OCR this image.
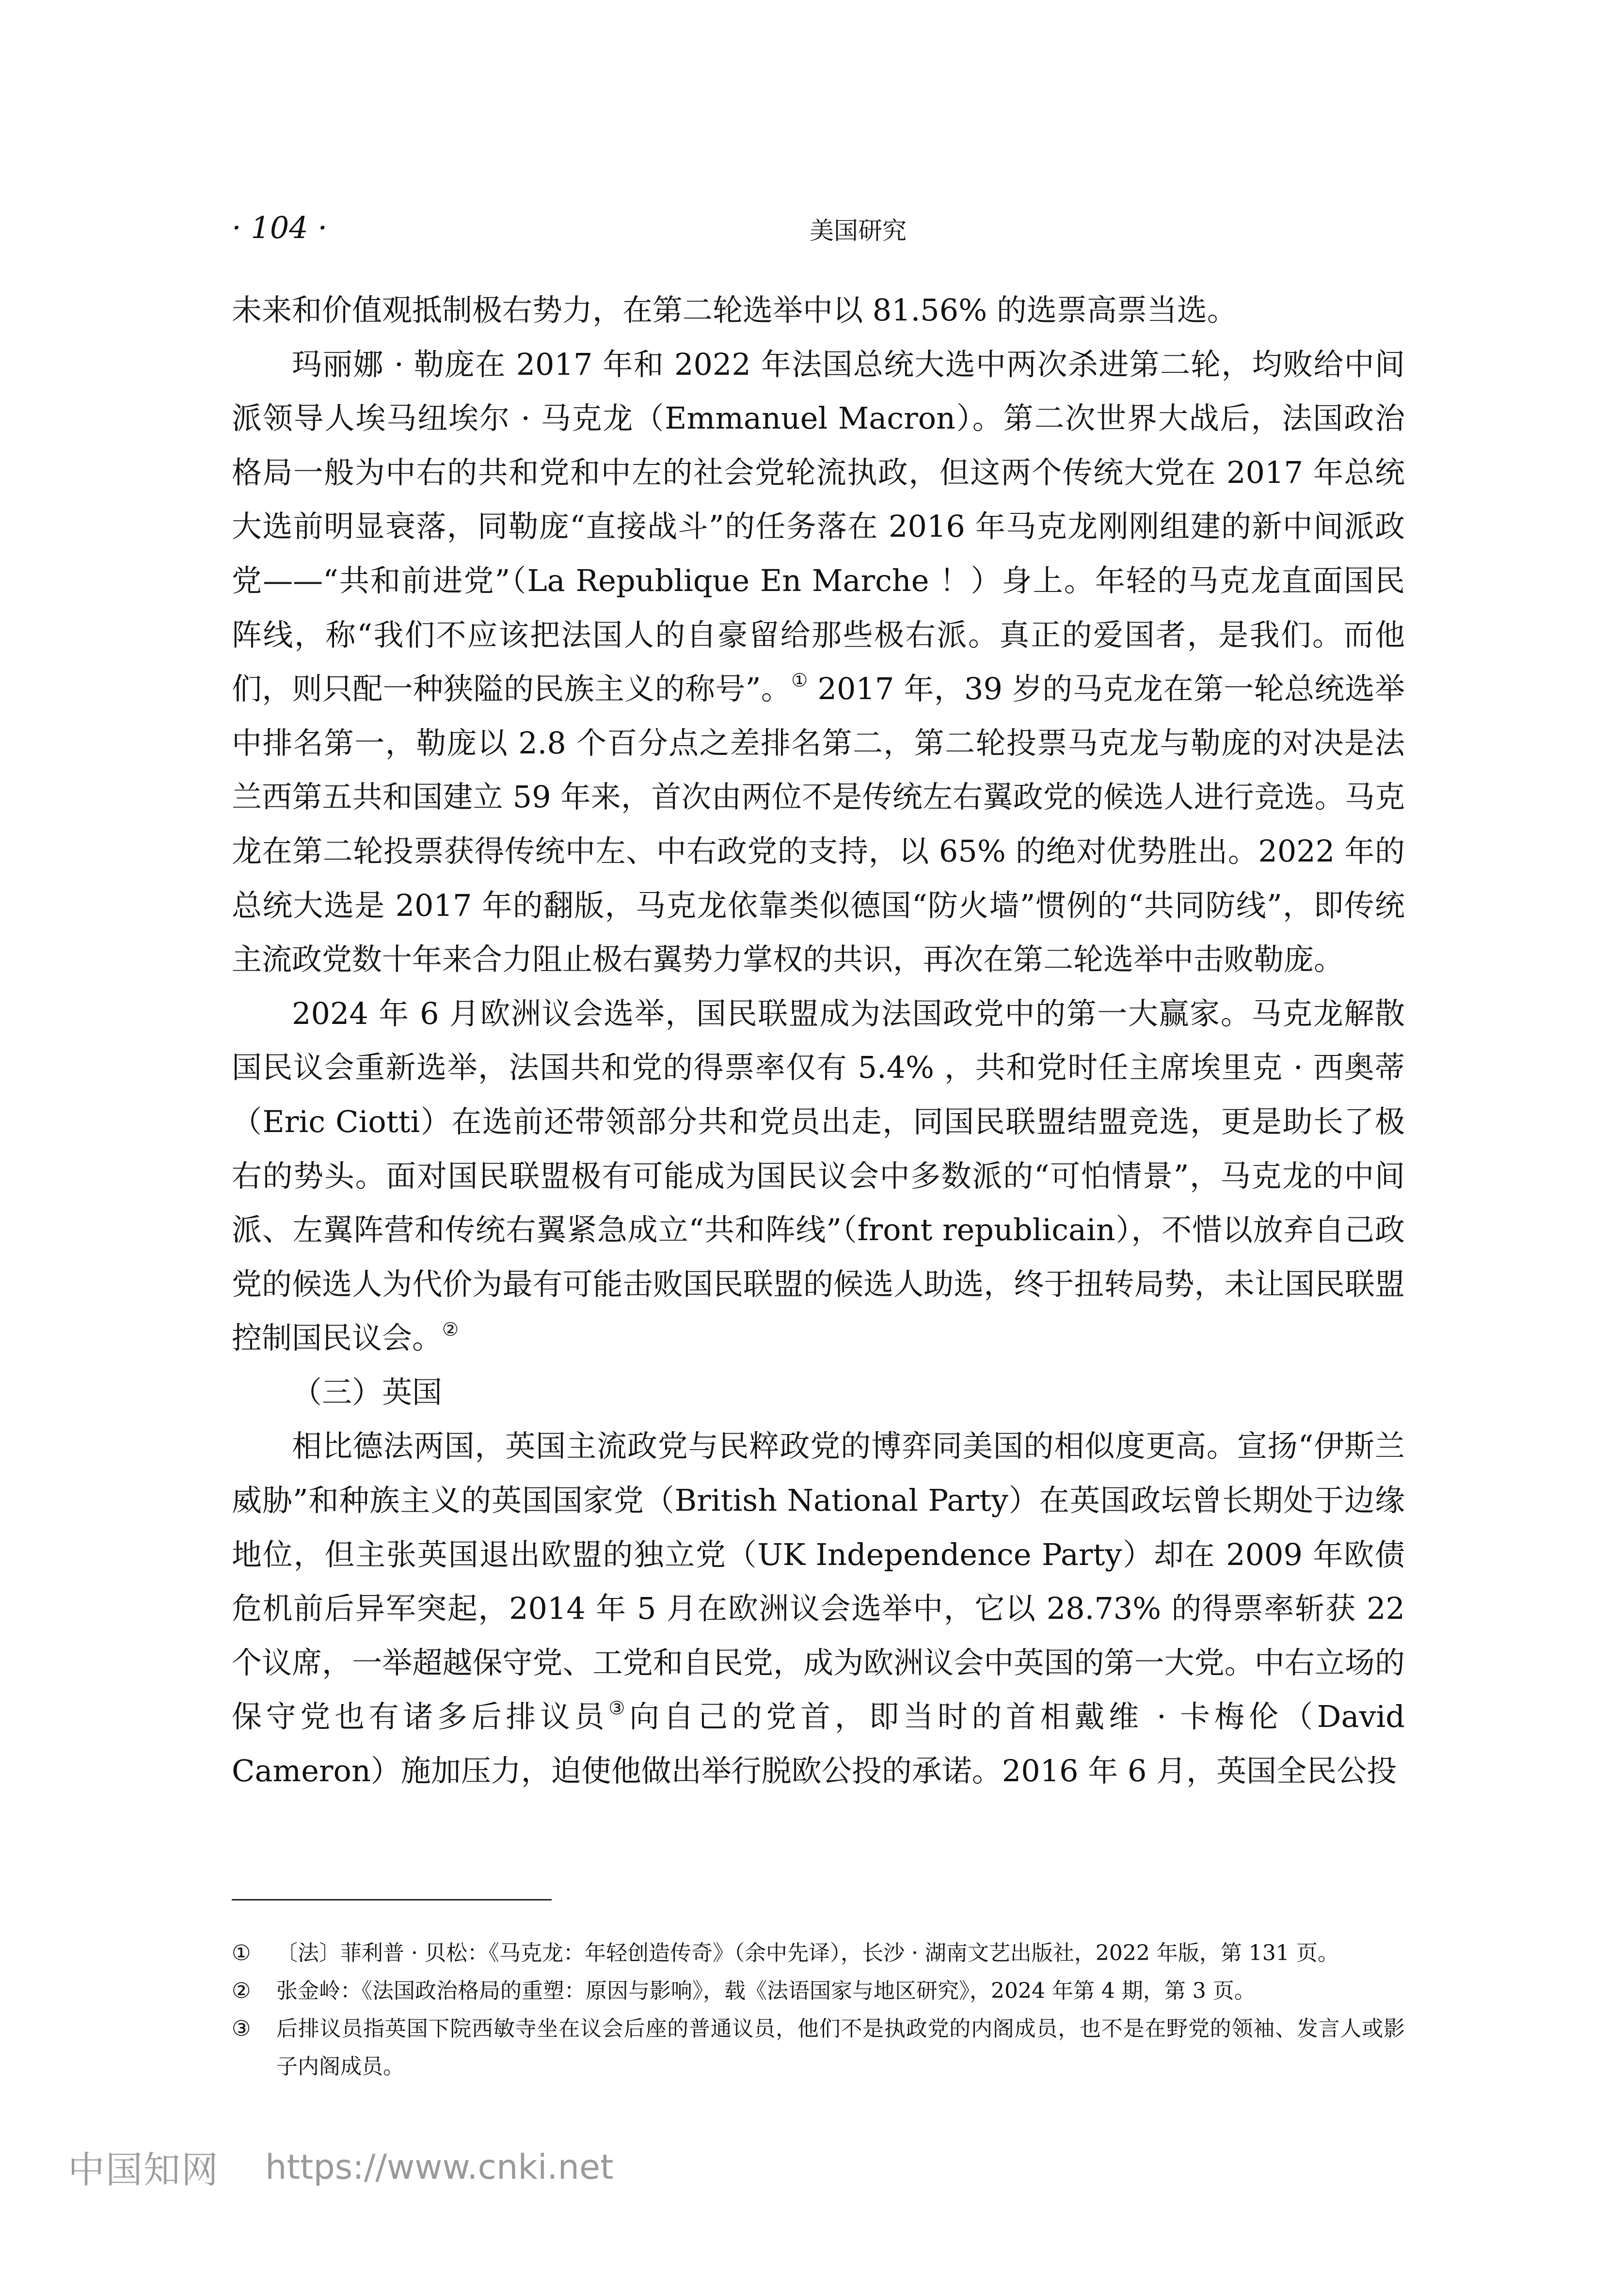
· 104 ·	美国研究

未来和价值观抵制极右势力，在第二轮选举中以 81.56% 的选票高票当选。

玛丽娜 · 勒庞在 2017 年和 2022 年法国总统大选中两次杀进第二轮，均败给中间派领导人埃马纽埃尔 · 马克龙（Emmanuel Macron）。第二次世界大战后，法国政治格局一般为中右的共和党和中左的社会党轮流执政，但这两个传统大党在 2017 年总统大选前明显衰落，同勒庞“直接战斗”的任务落在 2016 年马克龙刚刚组建的新中间派政党——“共和前进党”（La Republique En Marche ！）身上。年轻的马克龙直面国民阵线，称“我们不应该把法国人的自豪留给那些极右派。真正的爱国者，是我们。而他们，则只配一种狭隘的民族主义的称号”。① 2017 年，39 岁的马克龙在第一轮总统选举中排名第一，勒庞以 2.8 个百分点之差排名第二，第二轮投票马克龙与勒庞的对决是法兰西第五共和国建立 59 年来，首次由两位不是传统左右翼政党的候选人进行竞选。马克龙在第二轮投票获得传统中左、中右政党的支持，以 65% 的绝对优势胜出。2022 年的总统大选是 2017 年的翻版，马克龙依靠类似德国“防火墙”惯例的“共同防线”，即传统主流政党数十年来合力阻止极右翼势力掌权的共识，再次在第二轮选举中击败勒庞。

2024 年 6 月欧洲议会选举，国民联盟成为法国政党中的第一大赢家。马克龙解散国民议会重新选举，法国共和党的得票率仅有 5.4% ，共和党时任主席埃里克 · 西奥蒂（Eric Ciotti）在选前还带领部分共和党员出走，同国民联盟结盟竞选，更是助长了极右的势头。面对国民联盟极有可能成为国民议会中多数派的“可怕情景”，马克龙的中间派、左翼阵营和传统右翼紧急成立“共和阵线”（front republicain），不惜以放弃自己政党的候选人为代价为最有可能击败国民联盟的候选人助选，终于扭转局势，未让国民联盟控制国民议会。②

（三）英国

相比德法两国，英国主流政党与民粹政党的博弈同美国的相似度更高。宣扬“伊斯兰威胁”和种族主义的英国国家党（British National Party）在英国政坛曾长期处于边缘地位，但主张英国退出欧盟的独立党（UK Independence Party）却在 2009 年欧债危机前后异军突起，2014 年 5 月在欧洲议会选举中，它以 28.73% 的得票率斩获 22 个议席，一举超越保守党、工党和自民党，成为欧洲议会中英国的第一大党。中右立场的保守党也有诸多后排议员③向自己的党首，即当时的首相戴维 · 卡梅伦（David Cameron）施加压力，迫使他做出举行脱欧公投的承诺。2016 年 6 月，英国全民公投

① 〔法〕菲利普 · 贝松：《马克龙：年轻创造传奇》（余中先译），长沙 · 湖南文艺出版社，2022 年版，第 131 页。
② 张金岭：《法国政治格局的重塑：原因与影响》，载《法语国家与地区研究》，2024 年第 4 期，第 3 页。
③ 后排议员指英国下院西敏寺坐在议会后座的普通议员，他们不是执政党的内阁成员，也不是在野党的领袖、发言人或影子内阁成员。
中国知网 https://www.cnki.net
